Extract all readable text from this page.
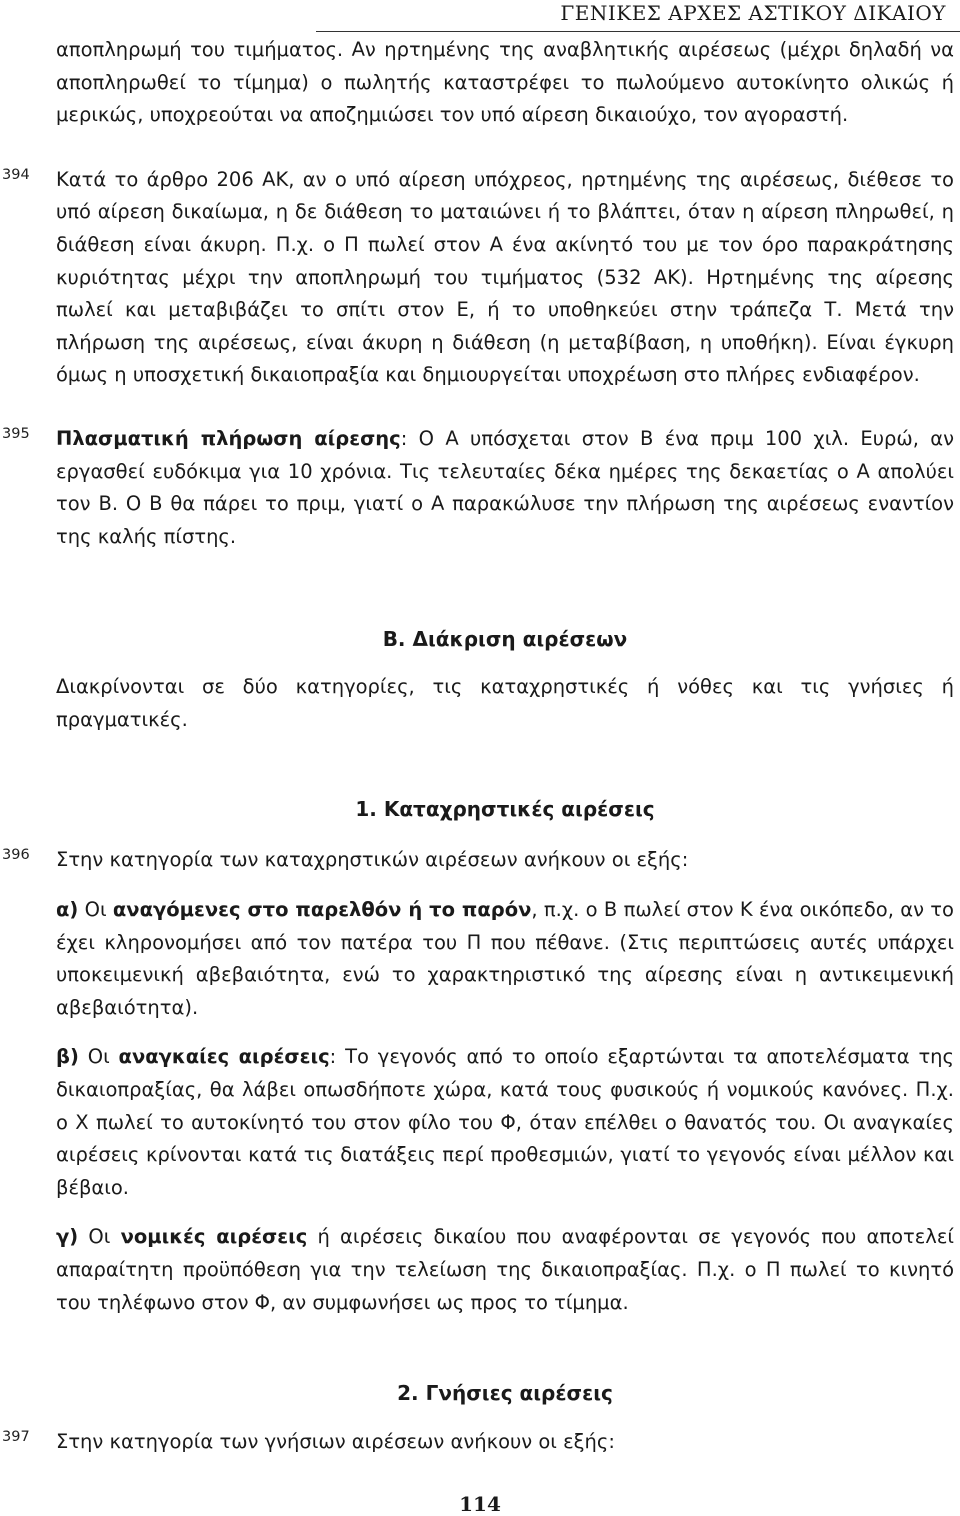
ΓΕΝΙΚΕΣ ΑΡΧΕΣ ΑΣΤΙΚΟΥ ΔΙΚΑΙΟΥ

αποπληρωμή του τιμήματος. Αν ηρτημένης της αναβλητικής αιρέσεως (μέχρι δηλαδή να αποπληρωθεί το τίμημα) ο πωλητής καταστρέφει το πωλούμενο αυτοκίνητο ολικώς ή μερικώς, υποχρεούται να αποζημιώσει τον υπό αίρεση δικαιούχο, τον αγοραστή.

394 Κατά το άρθρο 206 ΑΚ, αν ο υπό αίρεση υπόχρεος, ηρτημένης της αιρέσεως, διέθεσε το υπό αίρεση δικαίωμα, η δε διάθεση το ματαιώνει ή το βλάπτει, όταν η αίρεση πληρωθεί, η διάθεση είναι άκυρη. Π.χ. ο Π πωλεί στον Α ένα ακίνητό του με τον όρο παρακράτησης κυριότητας μέχρι την αποπληρωμή του τιμήματος (532 ΑΚ). Ηρτημένης της αίρεσης πωλεί και μεταβιβάζει το σπίτι στον Ε, ή το υποθηκεύει στην τράπεζα Τ. Μετά την πλήρωση της αιρέσεως, είναι άκυρη η διάθεση (η μεταβίβαση, η υποθήκη). Είναι έγκυρη όμως η υποσχετική δικαιοπραξία και δημιουργείται υποχρέωση στο πλήρες ενδιαφέρον.

395 Πλασματική πλήρωση αίρεσης: Ο Α υπόσχεται στον Β ένα πριμ 100 χιλ. Ευρώ, αν εργασθεί ευδόκιμα για 10 χρόνια. Τις τελευταίες δέκα ημέρες της δεκαετίας ο Α απολύει τον Β. Ο Β θα πάρει το πριμ, γιατί ο Α παρακώλυσε την πλήρωση της αιρέσεως εναντίον της καλής πίστης.

Β. Διάκριση αιρέσεων

Διακρίνονται σε δύο κατηγορίες, τις καταχρηστικές ή νόθες και τις γνήσιες ή πραγματικές.

1. Καταχρηστικές αιρέσεις

396 Στην κατηγορία των καταχρηστικών αιρέσεων ανήκουν οι εξής:

α) Οι αναγόμενες στο παρελθόν ή το παρόν, π.χ. ο Β πωλεί στον Κ ένα οικόπεδο, αν το έχει κληρονομήσει από τον πατέρα του Π που πέθανε. (Στις περιπτώσεις αυτές υπάρχει υποκειμενική αβεβαιότητα, ενώ το χαρακτηριστικό της αίρεσης είναι η αντικειμενική αβεβαιότητα).

β) Οι αναγκαίες αιρέσεις: Το γεγονός από το οποίο εξαρτώνται τα αποτελέσματα της δικαιοπραξίας, θα λάβει οπωσδήποτε χώρα, κατά τους φυσικούς ή νομικούς κανόνες. Π.χ. ο Χ πωλεί το αυτοκίνητό του στον φίλο του Φ, όταν επέλθει ο θανατός του. Οι αναγκαίες αιρέσεις κρίνονται κατά τις διατάξεις περί προθεσμιών, γιατί το γεγονός είναι μέλλον και βέβαιο.

γ) Οι νομικές αιρέσεις ή αιρέσεις δικαίου που αναφέρονται σε γεγονός που αποτελεί απαραίτητη προϋπόθεση για την τελείωση της δικαιοπραξίας. Π.χ. ο Π πωλεί το κινητό του τηλέφωνο στον Φ, αν συμφωνήσει ως προς το τίμημα.

2. Γνήσιες αιρέσεις

397 Στην κατηγορία των γνήσιων αιρέσεων ανήκουν οι εξής:

114
